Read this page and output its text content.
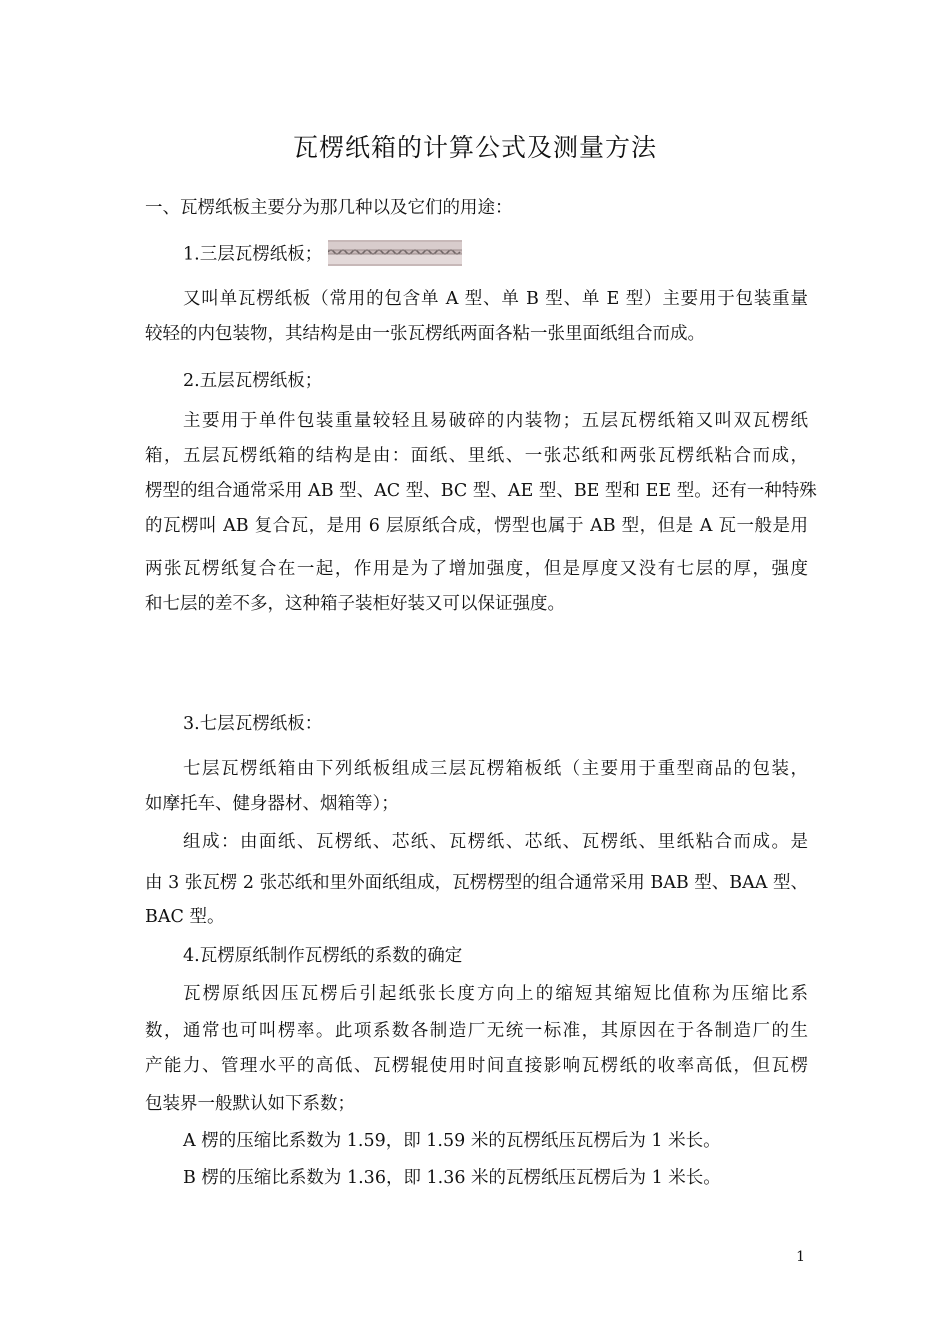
瓦楞纸箱的计算公式及测量方法
一、瓦楞纸板主要分为那几种以及它们的用途：
1.三层瓦楞纸板；
又叫单瓦楞纸板（常用的包含单 A 型、单 B 型、单 E 型）主要用于包装重量
较轻的内包装物，其结构是由一张瓦楞纸两面各粘一张里面纸组合而成。
2.五层瓦楞纸板；
主要用于单件包装重量较轻且易破碎的内装物；五层瓦楞纸箱又叫双瓦楞纸
箱，五层瓦楞纸箱的结构是由：面纸、里纸、一张芯纸和两张瓦楞纸粘合而成，
楞型的组合通常采用 AB 型、AC 型、BC 型、AE 型、BE 型和 EE 型。还有一种特殊
的瓦楞叫 AB 复合瓦，是用 6 层原纸合成，愣型也属于 AB 型，但是 A 瓦一般是用
两张瓦楞纸复合在一起，作用是为了增加强度，但是厚度又没有七层的厚，强度
和七层的差不多，这种箱子装柜好装又可以保证强度。
3.七层瓦楞纸板：
七层瓦楞纸箱由下列纸板组成三层瓦楞箱板纸（主要用于重型商品的包装，
如摩托车、健身器材、烟箱等）；
组成：由面纸、瓦楞纸、芯纸、瓦楞纸、芯纸、瓦楞纸、里纸粘合而成。是
由 3 张瓦楞 2 张芯纸和里外面纸组成，瓦楞楞型的组合通常采用 BAB 型、BAA 型、
BAC 型。
4.瓦楞原纸制作瓦楞纸的系数的确定
瓦楞原纸因压瓦楞后引起纸张长度方向上的缩短其缩短比值称为压缩比系
数，通常也可叫楞率。此项系数各制造厂无统一标准，其原因在于各制造厂的生
产能力、管理水平的高低、瓦楞辊使用时间直接影响瓦楞纸的收率高低，但瓦楞
包装界一般默认如下系数；
A 楞的压缩比系数为 1.59，即 1.59 米的瓦楞纸压瓦楞后为 1 米长。
B 楞的压缩比系数为 1.36，即 1.36 米的瓦楞纸压瓦楞后为 1 米长。
1
